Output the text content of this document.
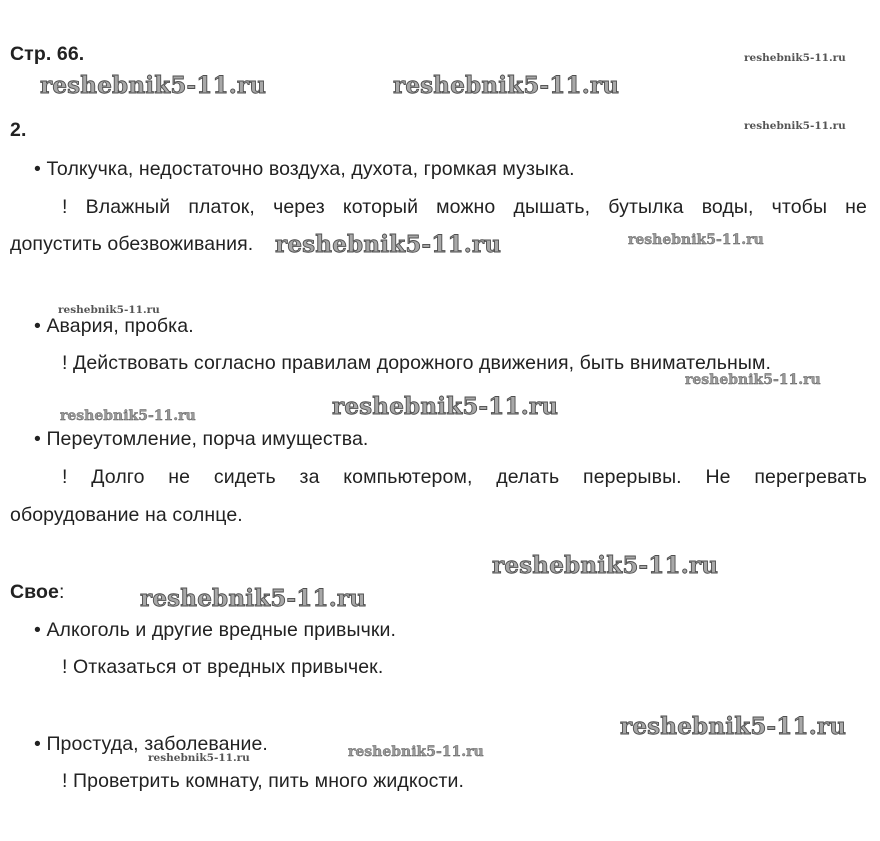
Стр. 66.
2.
• Толкучка, недостаточно воздуха, духота, громкая музыка.
! Влажный платок, через который можно дышать, бутылка воды, чтобы не
допустить обезвоживания.
• Авария, пробка.
! Действовать согласно правилам дорожного движения, быть внимательным.
• Переутомление, порча имущества.
! Долго не сидеть за компьютером, делать перерывы. Не перегревать
оборудование на солнце.
Свое:
• Алкоголь и другие вредные привычки.
! Отказаться от вредных привычек.
• Простуда, заболевание.
! Проветрить комнату, пить много жидкости.
reshebnik5-11.ru
reshebnik5-11.ru	reshebnik5-11.ru
reshebnik5-11.ru
reshebnik5-11.ru	reshebnik5-11.ru
reshebnik5-11.ru
reshebnik5-11.ru
reshebnik5-11.ru
reshebnik5-11.ru
reshebnik5-11.ru
reshebnik5-11.ru
reshebnik5-11.ru
reshebnik5-11.ru
reshebnik5-11.ru
